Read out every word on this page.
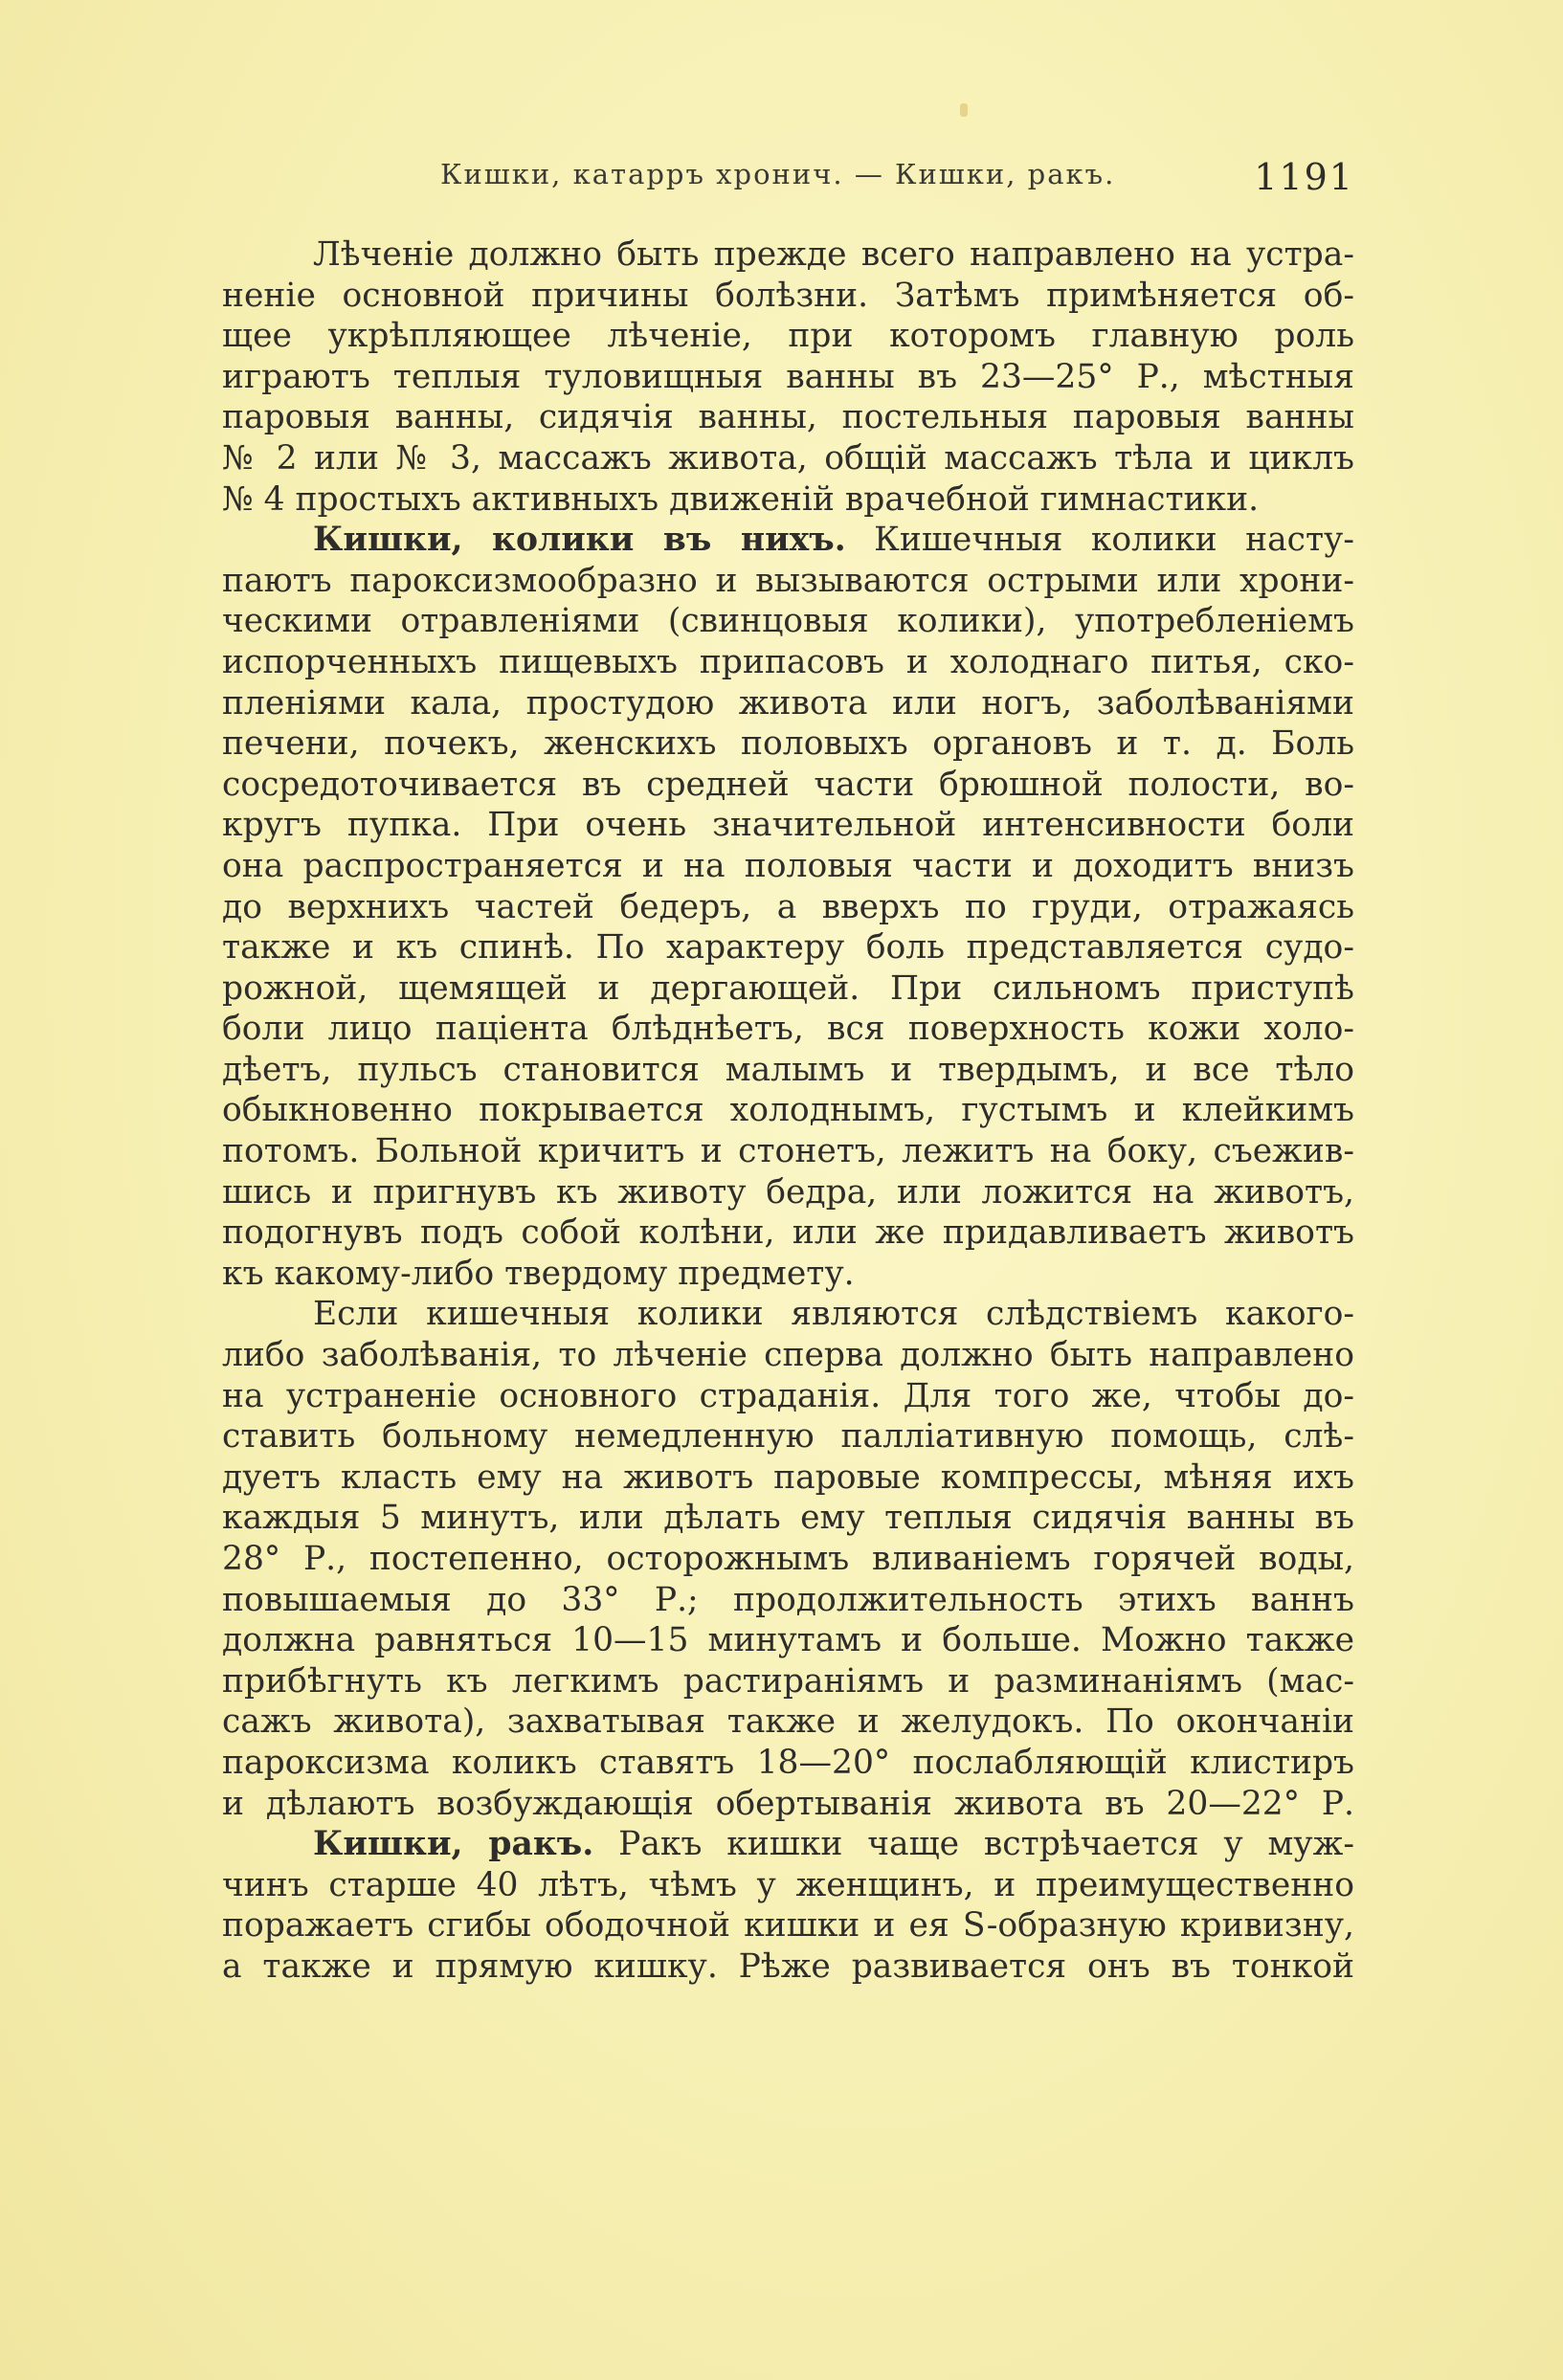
Кишки, катарръ хронич. — Кишки, ракъ.	1191
Лѣченіе должно быть прежде всего направлено на устра-
неніе основной причины болѣзни. Затѣмъ примѣняется об-
щее укрѣпляющее лѣченіе, при которомъ главную роль
играютъ теплыя туловищныя ванны въ 23—25° Р., мѣстныя
паровыя ванны, сидячія ванны, постельныя паровыя ванны
№ 2 или № 3, массажъ живота, общій массажъ тѣла и циклъ
№ 4 простыхъ активныхъ движеній врачебной гимнастики.
Кишки, колики въ нихъ. Кишечныя колики насту-
паютъ пароксизмообразно и вызываются острыми или хрони-
ческими отравленіями (свинцовыя колики), употребленіемъ
испорченныхъ пищевыхъ припасовъ и холоднаго питья, ско-
пленіями кала, простудою живота или ногъ, заболѣваніями
печени, почекъ, женскихъ половыхъ органовъ и т. д. Боль
сосредоточивается въ средней части брюшной полости, во-
кругъ пупка. При очень значительной интенсивности боли
она распространяется и на половыя части и доходитъ внизъ
до верхнихъ частей бедеръ, а вверхъ по груди, отражаясь
также и къ спинѣ. По характеру боль представляется судо-
рожной, щемящей и дергающей. При сильномъ приступѣ
боли лицо паціента блѣднѣетъ, вся поверхность кожи холо-
дѣетъ, пульсъ становится малымъ и твердымъ, и все тѣло
обыкновенно покрывается холоднымъ, густымъ и клейкимъ
потомъ. Больной кричитъ и стонетъ, лежитъ на боку, съежив-
шись и пригнувъ къ животу бедра, или ложится на животъ,
подогнувъ подъ собой колѣни, или же придавливаетъ животъ
къ какому-либо твердому предмету.
Если кишечныя колики являются слѣдствіемъ какого-
либо заболѣванія, то лѣченіе сперва должно быть направлено
на устраненіе основного страданія. Для того же, чтобы до-
ставить больному немедленную палліативную помощь, слѣ-
дуетъ класть ему на животъ паровые компрессы, мѣняя ихъ
каждыя 5 минутъ, или дѣлать ему теплыя сидячія ванны въ
28° Р., постепенно, осторожнымъ вливаніемъ горячей воды,
повышаемыя до 33° Р.; продолжительность этихъ ваннъ
должна равняться 10—15 минутамъ и больше. Можно также
прибѣгнуть къ легкимъ растираніямъ и разминаніямъ (мас-
сажъ живота), захватывая также и желудокъ. По окончаніи
пароксизма коликъ ставятъ 18—20° послабляющій клистиръ
и дѣлаютъ возбуждающія обертыванія живота въ 20—22° Р.
Кишки, ракъ. Ракъ кишки чаще встрѣчается у муж-
чинъ старше 40 лѣтъ, чѣмъ у женщинъ, и преимущественно
поражаетъ сгибы ободочной кишки и ея S-образную кривизну,
а также и прямую кишку. Рѣже развивается онъ въ тонкой
